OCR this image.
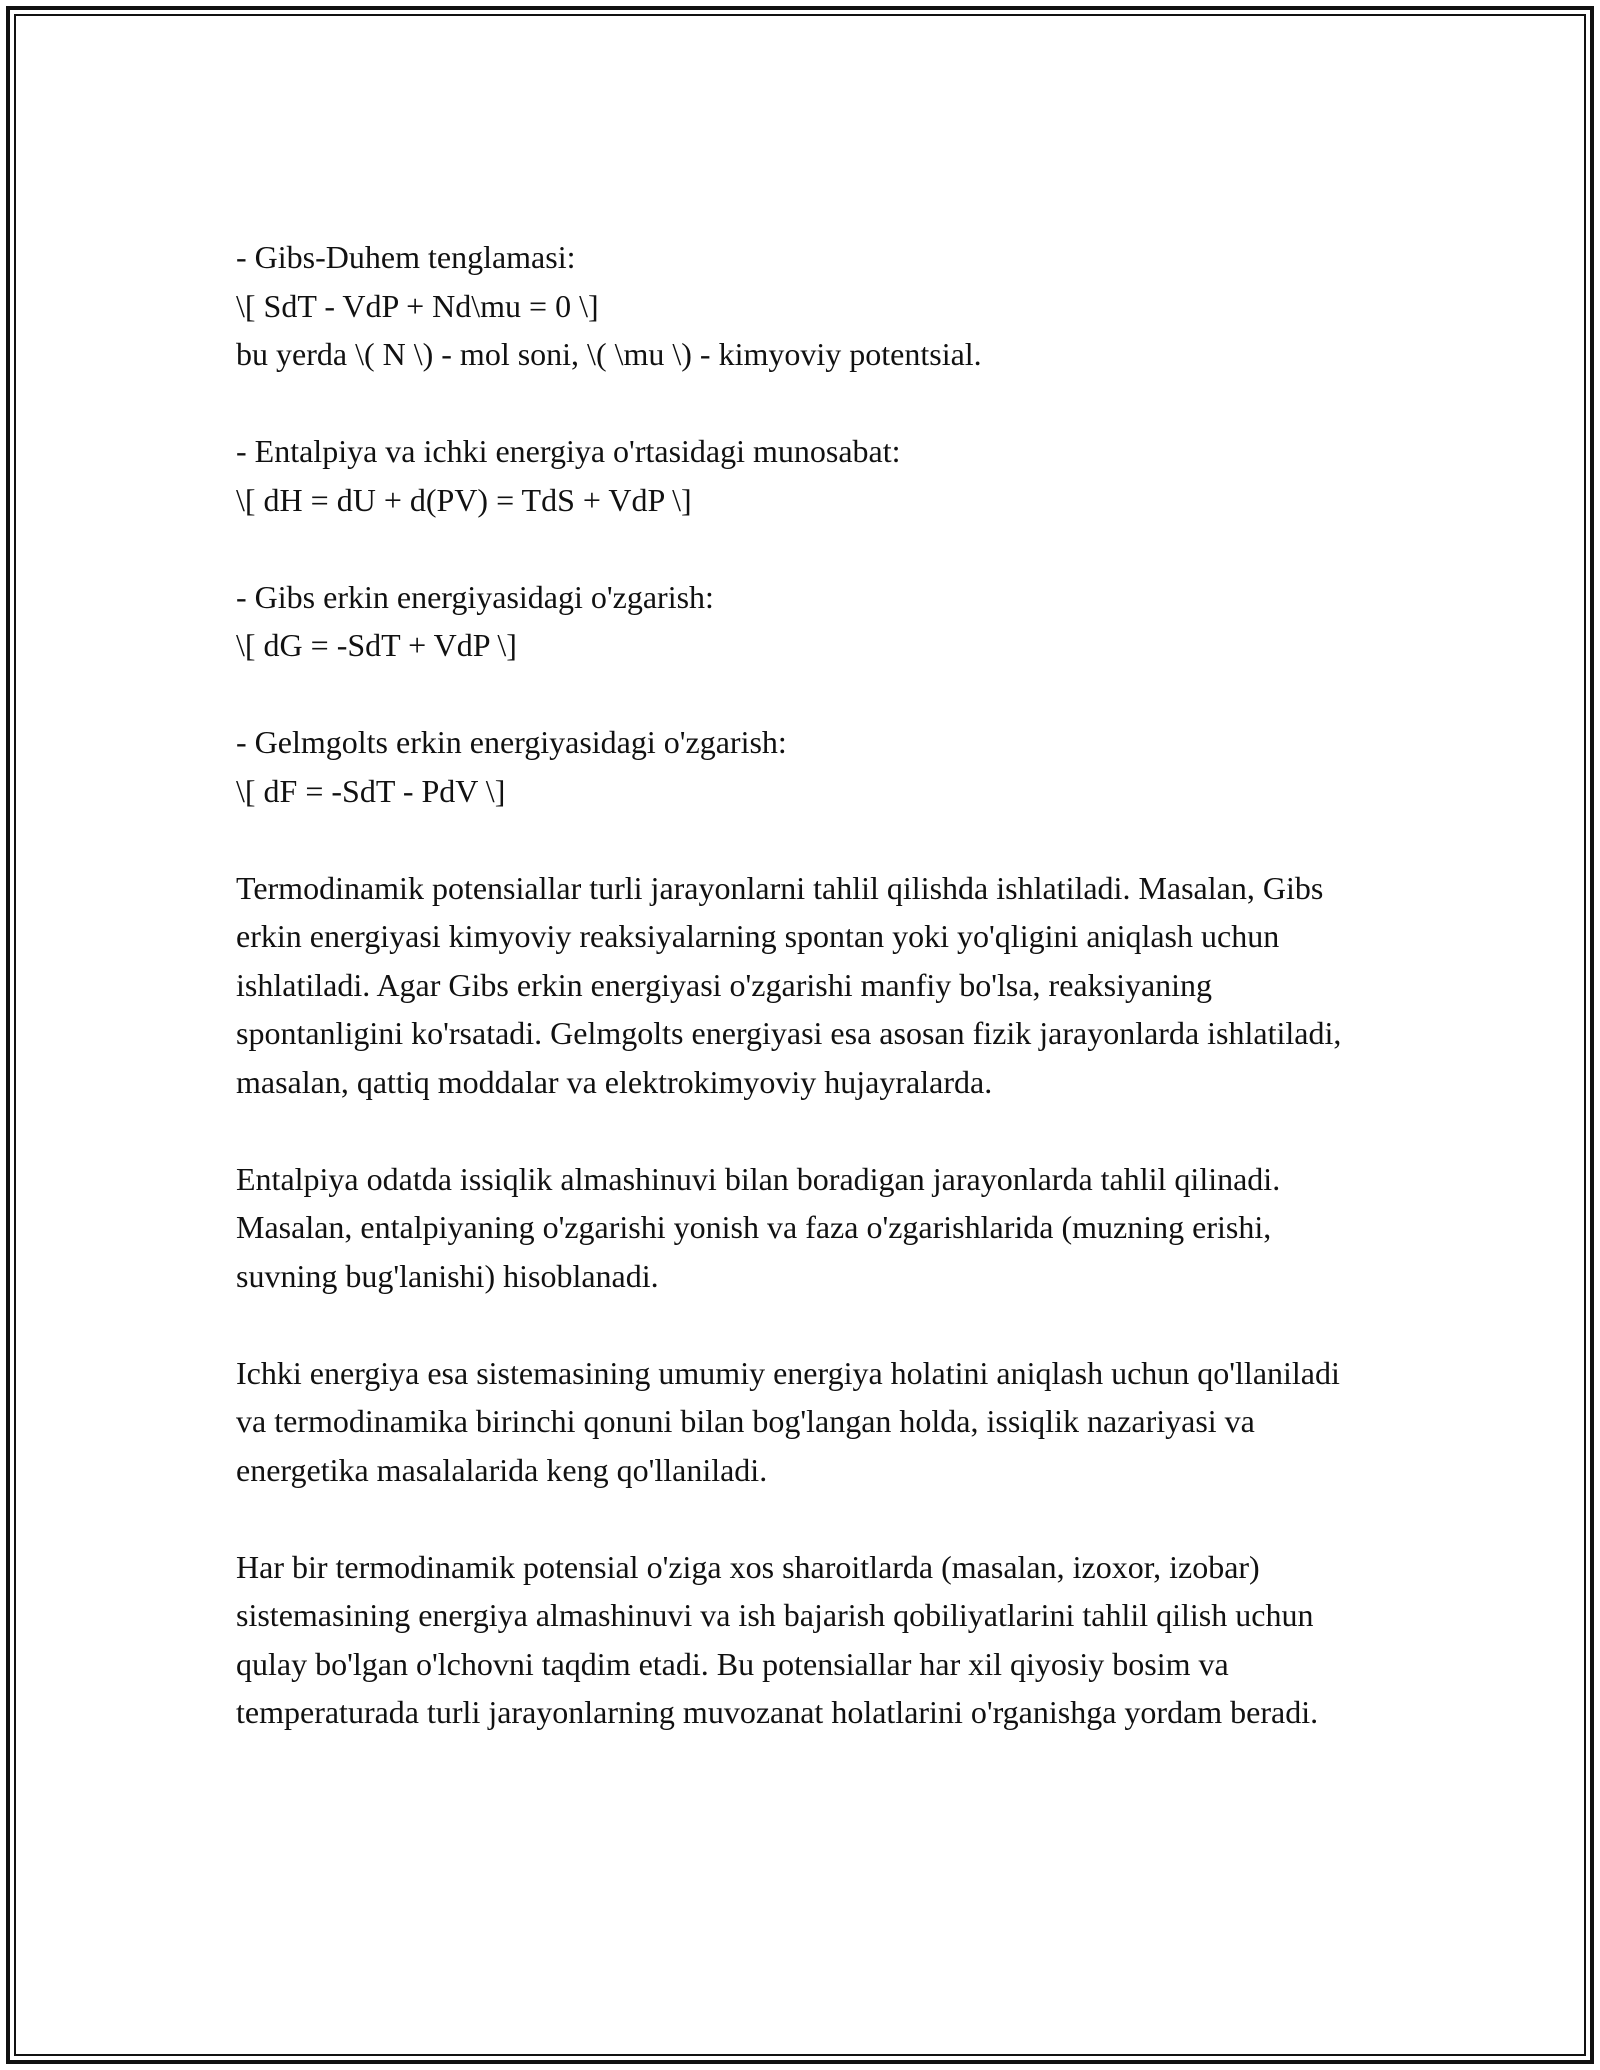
- Gibs-Duhem tenglamasi:
\[ SdT - VdP + Nd\mu = 0 \]
bu yerda \( N \) - mol soni, \( \mu \) - kimyoviy potentsial.
- Entalpiya va ichki energiya o'rtasidagi munosabat:
\[ dH = dU + d(PV) = TdS + VdP \]
- Gibs erkin energiyasidagi o'zgarish:
\[ dG = -SdT + VdP \]
- Gelmgolts erkin energiyasidagi o'zgarish:
\[ dF = -SdT - PdV \]

Termodinamik potensiallar turli jarayonlarni tahlil qilishda ishlatiladi. Masalan, Gibs erkin energiyasi kimyoviy reaksiyalarning spontan yoki yo'qligini aniqlash uchun ishlatiladi. Agar Gibs erkin energiyasi o'zgarishi manfiy bo'lsa, reaksiyaning spontanligini ko'rsatadi. Gelmgolts energiyasi esa asosan fizik jarayonlarda ishlatiladi, masalan, qattiq moddalar va elektrokimyoviy hujayralarda.

Entalpiya odatda issiqlik almashinuvi bilan boradigan jarayonlarda tahlil qilinadi. Masalan, entalpiyaning o'zgarishi yonish va faza o'zgarishlarida (muzning erishi, suvning bug'lanishi) hisoblanadi.

Ichki energiya esa sistemasining umumiy energiya holatini aniqlash uchun qo'llaniladi va termodinamika birinchi qonuni bilan bog'langan holda, issiqlik nazariyasi va energetika masalalarida keng qo'llaniladi.

Har bir termodinamik potensial o'ziga xos sharoitlarda (masalan, izoxor, izobar) sistemasining energiya almashinuvi va ish bajarish qobiliyatlarini tahlil qilish uchun qulay bo'lgan o'lchovni taqdim etadi. Bu potensiallar har xil qiyosiy bosim va temperaturada turli jarayonlarning muvozanat holatlarini o'rganishga yordam beradi.
